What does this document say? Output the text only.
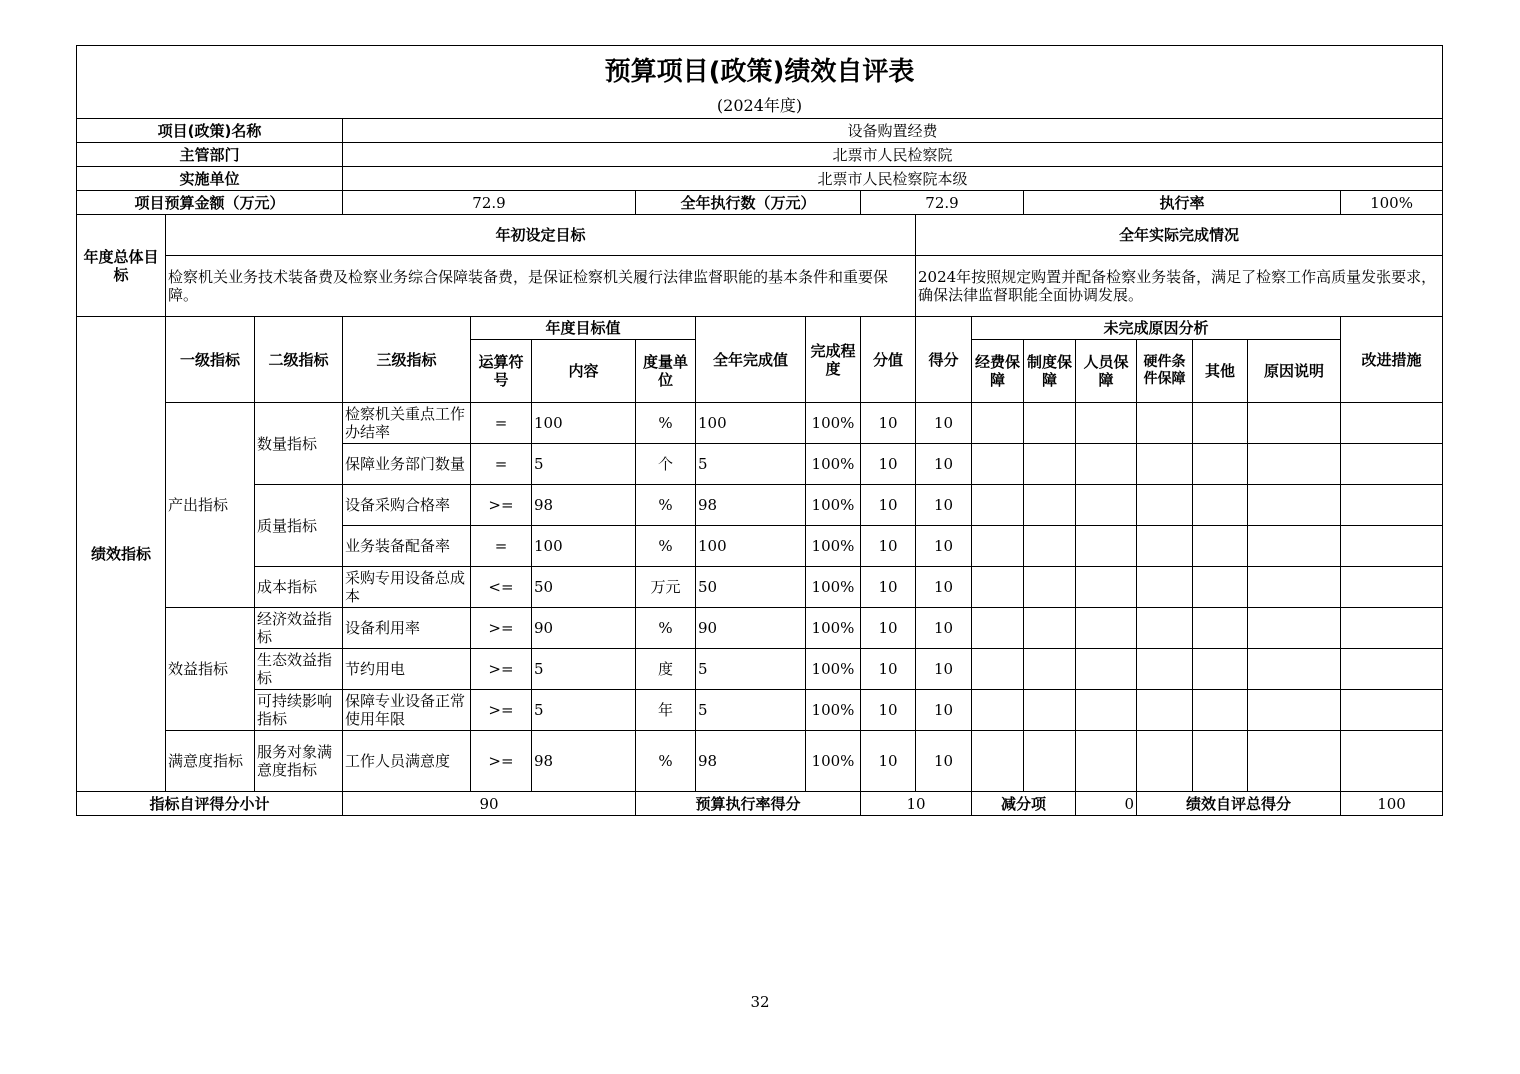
预算项目(政策)绩效自评表																	
(2024年度)																	
项目(政策)名称			设备购置经费														
主管部门			北票市人民检察院														
实施单位			北票市人民检察院本级														
项目预算金额（万元）			72.9			全年执行数（万元）			72.9			执行率					100%
年度总体目标	年初设定目标									全年实际完成情况							
	检察机关业务技术装备费及检察业务综合保障装备费，是保证检察机关履行法律监督职能的基本条件和重要保障。									2024年按照规定购置并配备检察业务装备，满足了检察工作高质量发张要求，确保法律监督职能全面协调发展。							
绩效指标	一级指标	二级指标	三级指标	年度目标值			全年完成值	完成程度	分值	得分	未完成原因分析						改进措施
				运算符号	内容	度量单位					经费保障	制度保障	人员保障	硬件条件保障	其他	原因说明	
	产出指标	数量指标	检察机关重点工作办结率	=	100	%	100	100%	10	10							
			保障业务部门数量	=	5	个	5	100%	10	10							
		质量指标	设备采购合格率	>=	98	%	98	100%	10	10							
			业务装备配备率	=	100	%	100	100%	10	10							
		成本指标	采购专用设备总成本	<=	50	万元	50	100%	10	10							
	效益指标	经济效益指标	设备利用率	>=	90	%	90	100%	10	10							
		生态效益指标	节约用电	>=	5	度	5	100%	10	10							
		可持续影响指标	保障专业设备正常使用年限	>=	5	年	5	100%	10	10							
	满意度指标	服务对象满意度指标	工作人员满意度	>=	98	%	98	100%	10	10							
指标自评得分小计			90			预算执行率得分			10		减分项		0	绩效自评总得分			100
32
